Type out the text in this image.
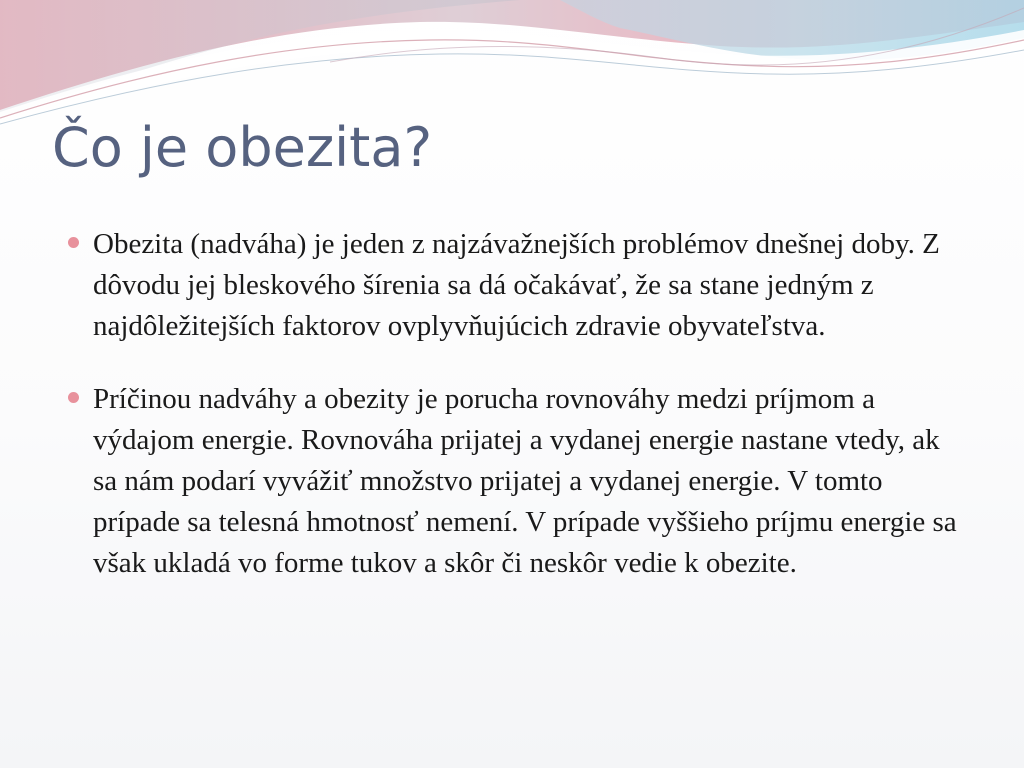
Čo je obezita?
Obezita (nadváha) je jeden z najzávažnejších problémov dnešnej doby. Z dôvodu jej bleskového šírenia sa dá očakávať, že sa stane jedným z najdôležitejších faktorov ovplyvňujúcich zdravie obyvateľstva.
Príčinou nadváhy a obezity je porucha rovnováhy medzi príjmom a výdajom energie. Rovnováha prijatej a vydanej energie nastane vtedy, ak sa nám podarí vyvážiť množstvo prijatej a vydanej energie. V tomto prípade sa telesná hmotnosť nemení. V prípade vyššieho príjmu energie sa však ukladá vo forme tukov a skôr či neskôr vedie k obezite.
